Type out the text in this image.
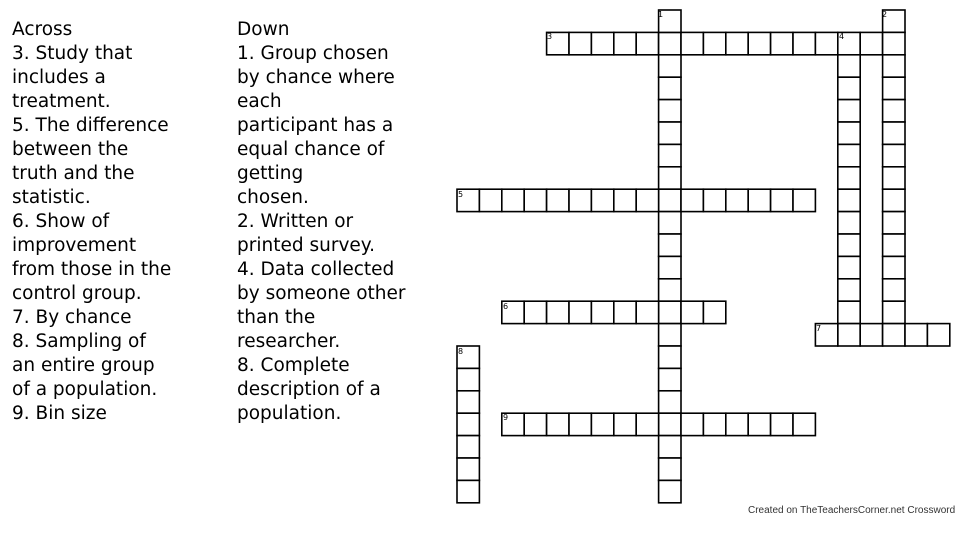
Across
3. Study that
includes a
treatment.
5. The difference
between the
truth and the
statistic.
6. Show of
improvement
from those in the
control group.
7. By chance
8. Sampling of
an entire group
of a population.
9. Bin size
Down
1. Group chosen
by chance where
each
participant has a
equal chance of
getting
chosen.
2. Written or
printed survey.
4. Data collected
by someone other
than the
researcher.
8. Complete
description of a
population.
1	2
3	4
5
6
7
8
9
Created on TheTeachersCorner.net Crossword
